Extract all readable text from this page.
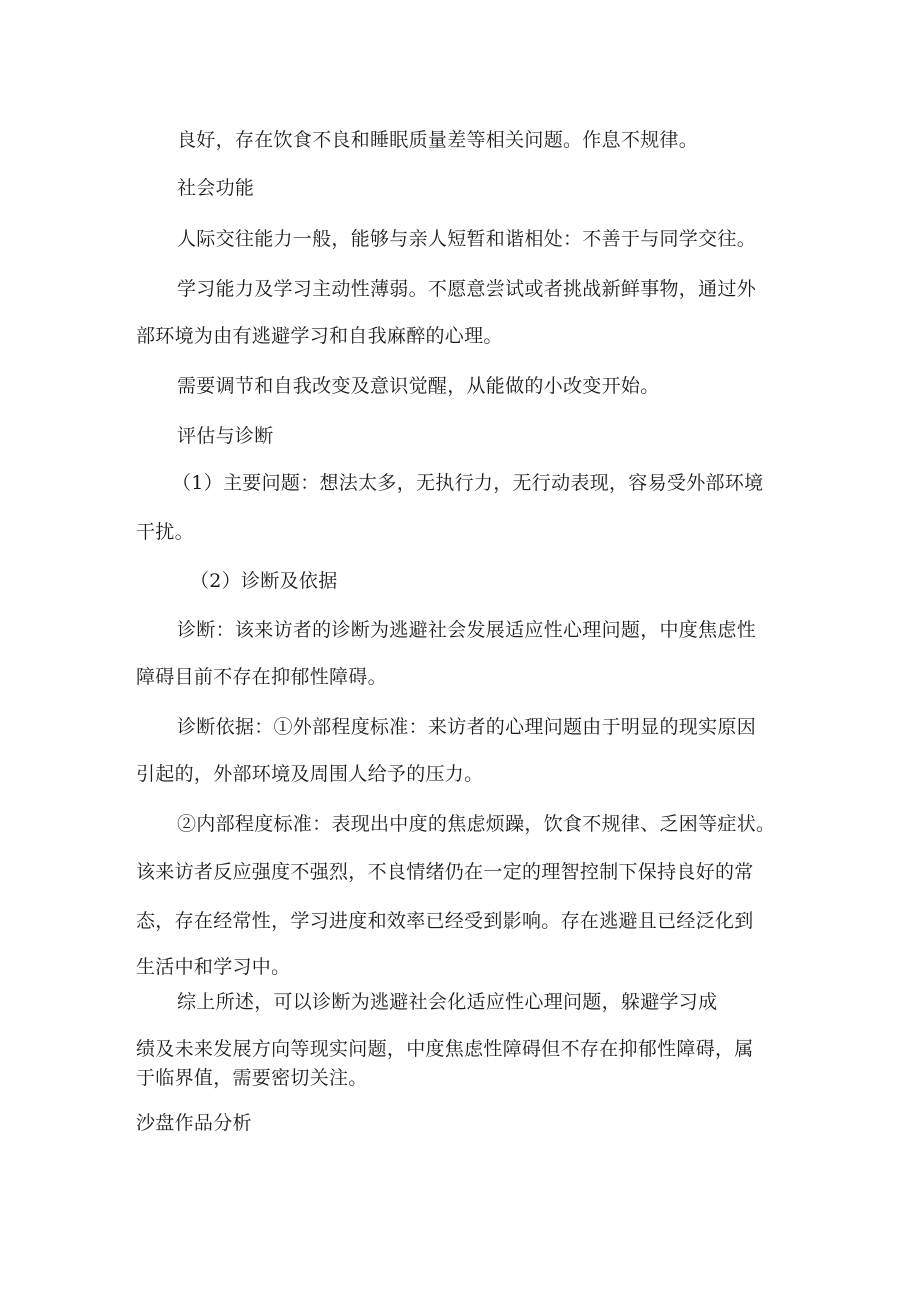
良好，存在饮食不良和睡眠质量差等相关问题。作息不规律。

社会功能

人际交往能力一般，能够与亲人短暂和谐相处：不善于与同学交往。

学习能力及学习主动性薄弱。不愿意尝试或者挑战新鲜事物，通过外

部环境为由有逃避学习和自我麻醉的心理。

需要调节和自我改变及意识觉醒，从能做的小改变开始。

评估与诊断

（1）主要问题：想法太多，无执行力，无行动表现，容易受外部环境

干扰。

（2）诊断及依据

诊断：该来访者的诊断为逃避社会发展适应性心理问题，中度焦虑性

障碍目前不存在抑郁性障碍。

诊断依据：①外部程度标准：来访者的心理问题由于明显的现实原因

引起的，外部环境及周围人给予的压力。

②内部程度标准：表现出中度的焦虑烦躁，饮食不规律、乏困等症状。

该来访者反应强度不强烈，不良情绪仍在一定的理智控制下保持良好的常

态，存在经常性，学习进度和效率已经受到影响。存在逃避且已经泛化到

生活中和学习中。

综上所述，可以诊断为逃避社会化适应性心理问题，躲避学习成

绩及未来发展方向等现实问题，中度焦虑性障碍但不存在抑郁性障碍，属

于临界值，需要密切关注。

沙盘作品分析
